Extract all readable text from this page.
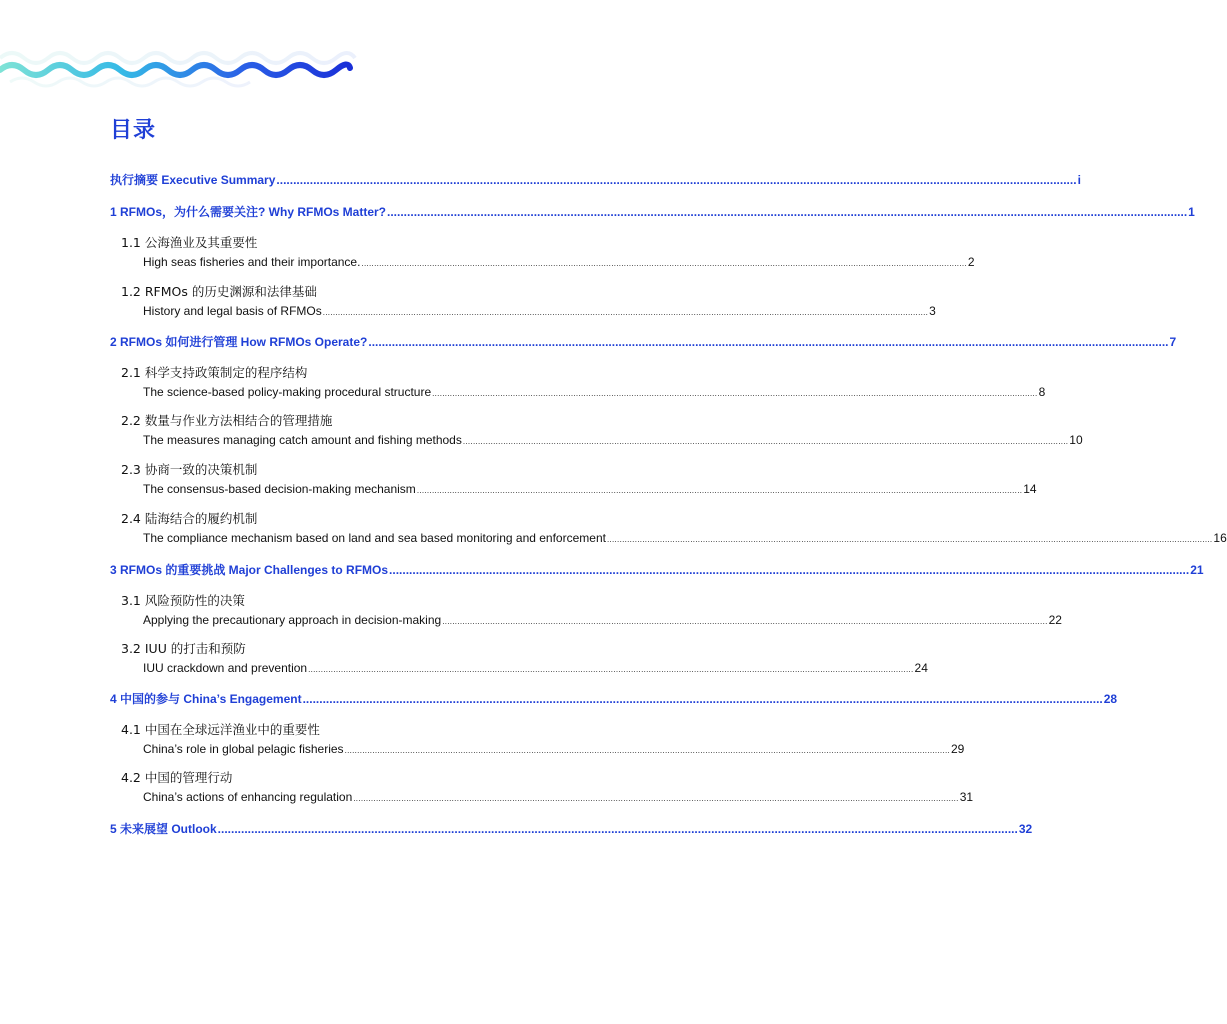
目录
执行摘要 Executive Summary ................................................................................................................................................................................................................................................ i
1 RFMOs，为什么需要关注? Why RFMOs Matter? ................................................................................................................................................................................................................................................ 1
1.1 公海渔业及其重要性
High seas fisheries and their importance. ................................................................................................................................................................................................................................................ 2
1.2 RFMOs 的历史渊源和法律基础
History and legal basis of RFMOs ................................................................................................................................................................................................................................................ 3
2 RFMOs 如何进行管理 How RFMOs Operate? ................................................................................................................................................................................................................................................ 7
2.1 科学支持政策制定的程序结构
The science-based policy-making procedural structure ................................................................................................................................................................................................................................................ 8
2.2 数量与作业方法相结合的管理措施
The measures managing catch amount and fishing methods ................................................................................................................................................................................................................................................ 10
2.3 协商一致的决策机制
The consensus-based decision-making mechanism ................................................................................................................................................................................................................................................ 14
2.4 陆海结合的履约机制
The compliance mechanism based on land and sea based monitoring and enforcement ................................................................................................................................................................................................................................................ 16
3 RFMOs 的重要挑战 Major Challenges to RFMOs ................................................................................................................................................................................................................................................ 21
3.1 风险预防性的决策
Applying the precautionary approach in decision-making ................................................................................................................................................................................................................................................ 22
3.2 IUU 的打击和预防
IUU crackdown and prevention ................................................................................................................................................................................................................................................ 24
4 中国的参与 China’s Engagement ................................................................................................................................................................................................................................................ 28
4.1 中国在全球远洋渔业中的重要性
China’s role in global pelagic fisheries ................................................................................................................................................................................................................................................ 29
4.2 中国的管理行动
China’s actions of enhancing regulation ................................................................................................................................................................................................................................................ 31
5 未来展望 Outlook ................................................................................................................................................................................................................................................ 32
